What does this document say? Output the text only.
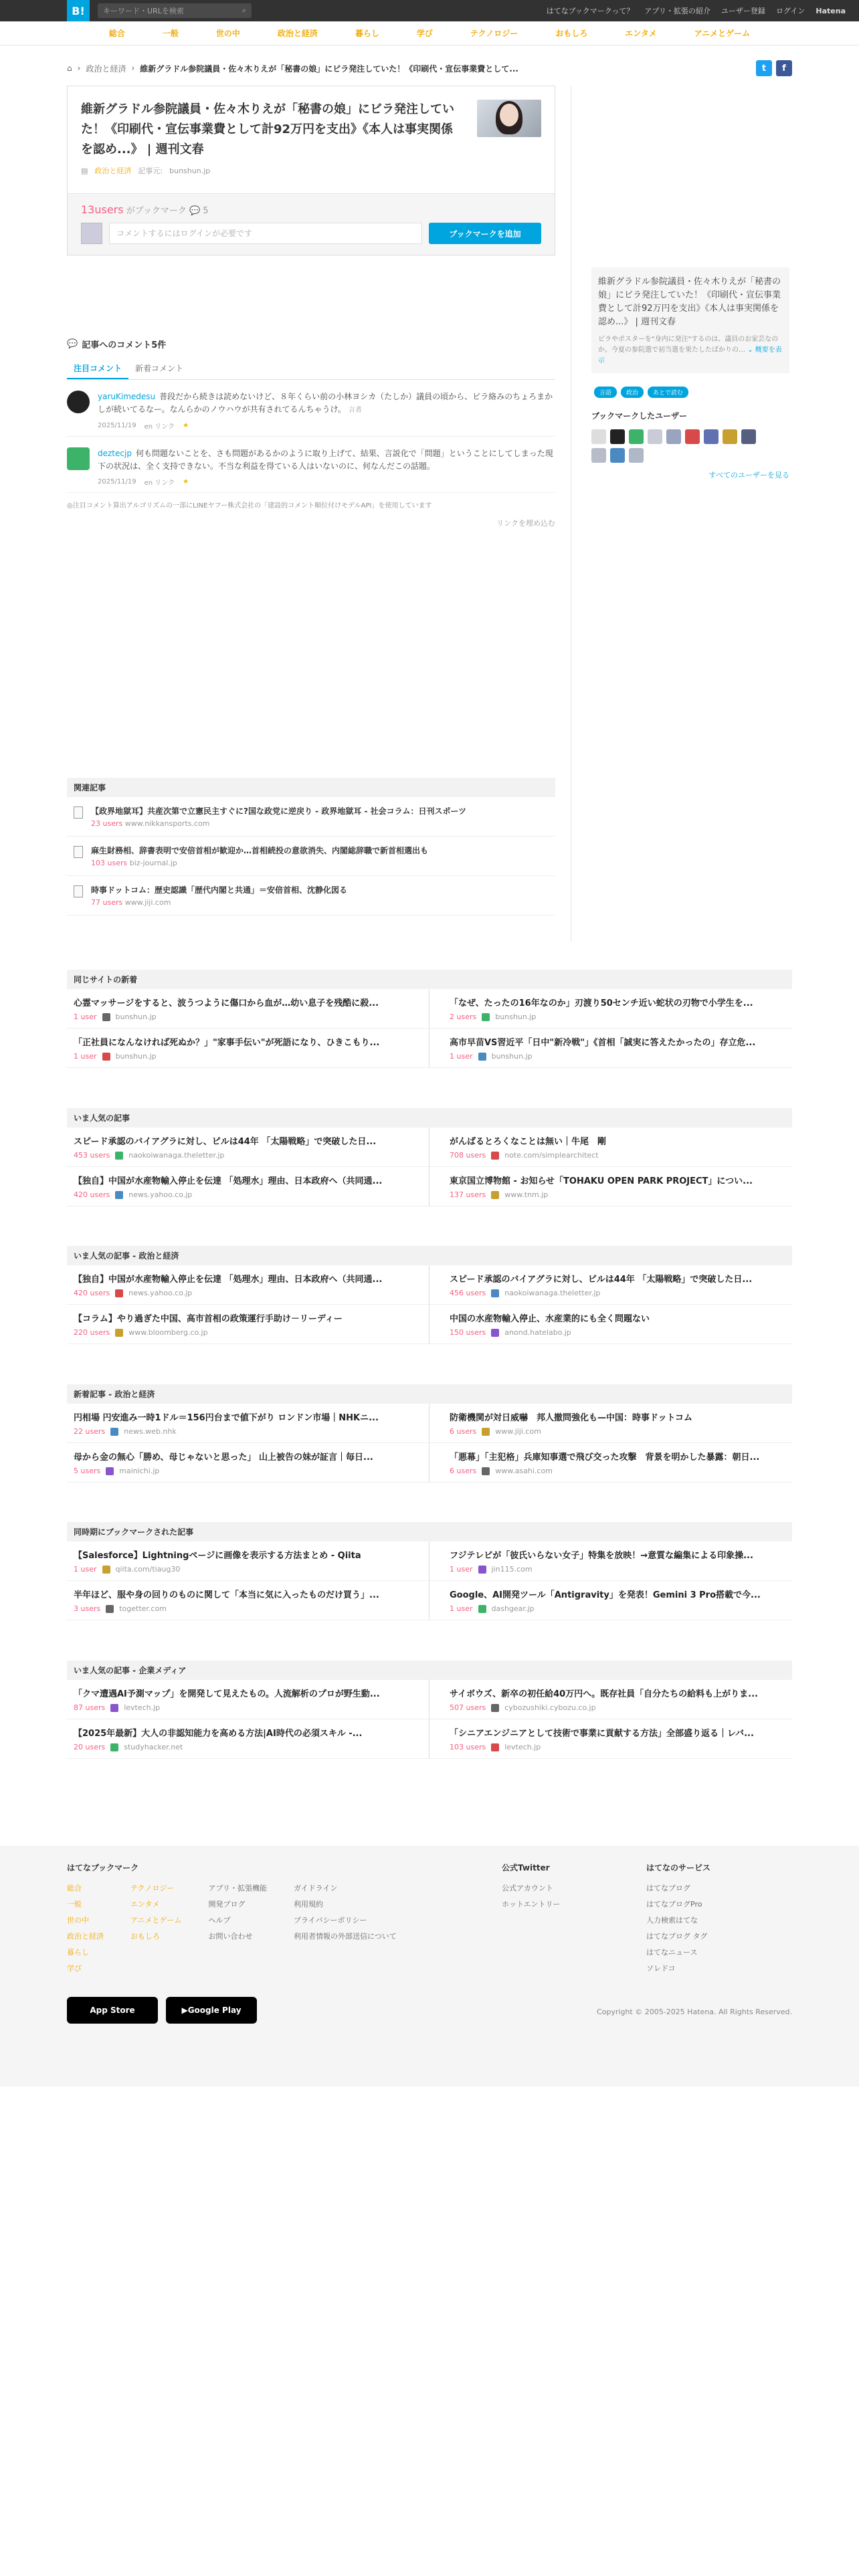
B!	キーワード・URLを検索	⌕	はてなブックマークって？ アプリ・拡張の紹介 ユーザー登録 ログイン Hatena
総合	一般	世の中	政治と経済	暮らし	学び	テクノロジー	おもしろ	エンタメ	アニメとゲーム
⌂ › 政治と経済 › 維新グラドル参院議員・佐々木りえが「秘書の娘」にビラ発注していた！《印刷代・宣伝事業費として...	t	f
維新グラドル参院議員・佐々木りえが「秘書の娘」にビラ発注していた！《印刷代・宣伝事業費として計92万円を支出》《本人は事実関係を認め...》 | 週刊文春
▤ 政治と経済 記事元: bunshun.jp
13users がブックマーク 💬 5
コメントするにはログインが必要です	ブックマークを追加
💬 記事へのコメント5件
注目コメント	新着コメント
yaruKimedesu 普段だから続きは読めないけど、８年くらい前の小林ヨシカ（たしか）議員の頃から、ビラ絡みのちょろまかしが続いてるなー。なんらかのノウハウが共有されてるんちゃうけ。 言者
2025/11/19 en リンク ★
deztecjp 何も問題ないことを、さも問題があるかのように取り上げて、結果、言説化で「問題」ということにしてしまった現下の状況は、全く支持できない。不当な利益を得ている人はいないのに、何なんだこの話題。
2025/11/19 en リンク ★
◎注目コメント算出アルゴリズムの一部にLINEヤフー株式会社の「建設的コメント順位付けモデルAPI」を使用しています
リンクを埋め込む
関連記事
【政界地獄耳】共産次第で立憲民主すぐに?国な政党に逆戻り - 政界地獄耳 - 社会コラム：日刊スポーツ
23 users www.nikkansports.com
麻生財務相、辞書表明で安倍首相が歓迎か…首相続投の意欲消失、内閣総辞職で新首相選出も
103 users biz-journal.jp
時事ドットコム：歴史認識「歴代内閣と共通」＝安倍首相、沈静化図る
77 users www.jiji.com
維新グラドル参院議員・佐々木りえが「秘書の娘」にビラ発注していた！《印刷代・宣伝事業費として計92万円を支出》《本人は事実関係を認め...》 | 週刊文春
ビラやポスターを"身内に発注"するのは、議員のお家芸なのか。今夏の参院選で初当選を果たしたばかりの… ⌄ 概要を表示
言語	政治	あとで読む
ブックマークしたユーザー
すべてのユーザーを見る
同じサイトの新着
心霊マッサージをすると、波うつように傷口から血が…幼い息子を残酷に殺...
1 user	bunshun.jp
「なぜ、たったの16年なのか」刃渡り50センチ近い蛇状の刃物で小学生を...
2 users	bunshun.jp
「正社員になんなければ死ぬか？」"家事手伝い"が死語になり、ひきこもり...
1 user	bunshun.jp
高市早苗VS習近平「日中"新冷戦"」《首相「誠実に答えたかったの」存立危...
1 user	bunshun.jp
いま人気の記事
スピード承認のバイアグラに対し、ピルは44年 「太陽戦略」で突破した日...
453 users	naokoiwanaga.theletter.jp
がんばるとろくなことは無い｜牛尾　剛
708 users	note.com/simplearchitect
【独自】中国が水産物輸入停止を伝達 「処理水」理由、日本政府へ（共同通...
420 users	news.yahoo.co.jp
東京国立博物館 - お知らせ「TOHAKU OPEN PARK PROJECT」につい...
137 users	www.tnm.jp
いま人気の記事 - 政治と経済
【独自】中国が水産物輸入停止を伝達 「処理水」理由、日本政府へ（共同通...
420 users	news.yahoo.co.jp
スピード承認のバイアグラに対し、ピルは44年 「太陽戦略」で突破した日...
456 users	naokoiwanaga.theletter.jp
【コラム】やり過ぎた中国、高市首相の政策運行手助け－リーディー
220 users	www.bloomberg.co.jp
中国の水産物輸入停止、水産業的にも全く問題ない
150 users	anond.hatelabo.jp
新着記事 - 政治と経済
円相場 円安進み一時1ドル＝156円台まで値下がり ロンドン市場｜NHKニ...
22 users	news.web.nhk
防衛機関が対日威嚇　邦人撤問強化も—中国：時事ドットコム
6 users	www.jiji.com
母から金の無心「勝め、母じゃないと思った」 山上被告の妹が証言｜毎日...
5 users	mainichi.jp
「悪幕」「主犯格」兵庫知事選で飛び交った攻撃　背景を明かした暴露：朝日...
6 users	www.asahi.com
同時期にブックマークされた記事
【Salesforce】Lightningページに画像を表示する方法まとめ - Qiita
1 user	qiita.com/tiaug30
フジテレビが「彼氏いらない女子」特集を放映！→意質な編集による印象操...
1 user	jin115.com
半年ほど、服や身の回りのものに関して「本当に気に入ったものだけ買う」...
3 users	togetter.com
Google、AI開発ツール「Antigravity」を発表！Gemini 3 Pro搭載で今...
1 user	dashgear.jp
いま人気の記事 - 企業メディア
「クマ遭遇AI予測マップ」を開発して見えたもの。人流解析のプロが野生動...
87 users	levtech.jp
サイボウズ、新卒の初任給40万円へ。既存社員「自分たちの給料も上がりま...
507 users	cybozushiki.cybozu.co.jp
【2025年最新】大人の非認知能力を高める方法|AI時代の必須スキル -...
20 users	studyhacker.net
「シニアエンジニアとして技術で事業に貢献する方法」全部盛り返る｜レバ...
103 users	levtech.jp
はてなブックマーク
総合
一般
世の中
政治と経済
暮らし
学び
テクノロジー
エンタメ
アニメとゲーム
おもしろ
アプリ・拡張機能
開発ブログ
ヘルプ
お問い合わせ
ガイドライン
利用規約
プライバシーポリシー
利用者情報の外部送信について
公式Twitter
公式アカウント
ホットエントリー
はてなのサービス
はてなブログ
はてなブログPro
人力検索はてな
はてなブログ タグ
はてなニュース
ソレドコ
App Store	▶ Google Play	Copyright © 2005-2025 Hatena. All Rights Reserved.
